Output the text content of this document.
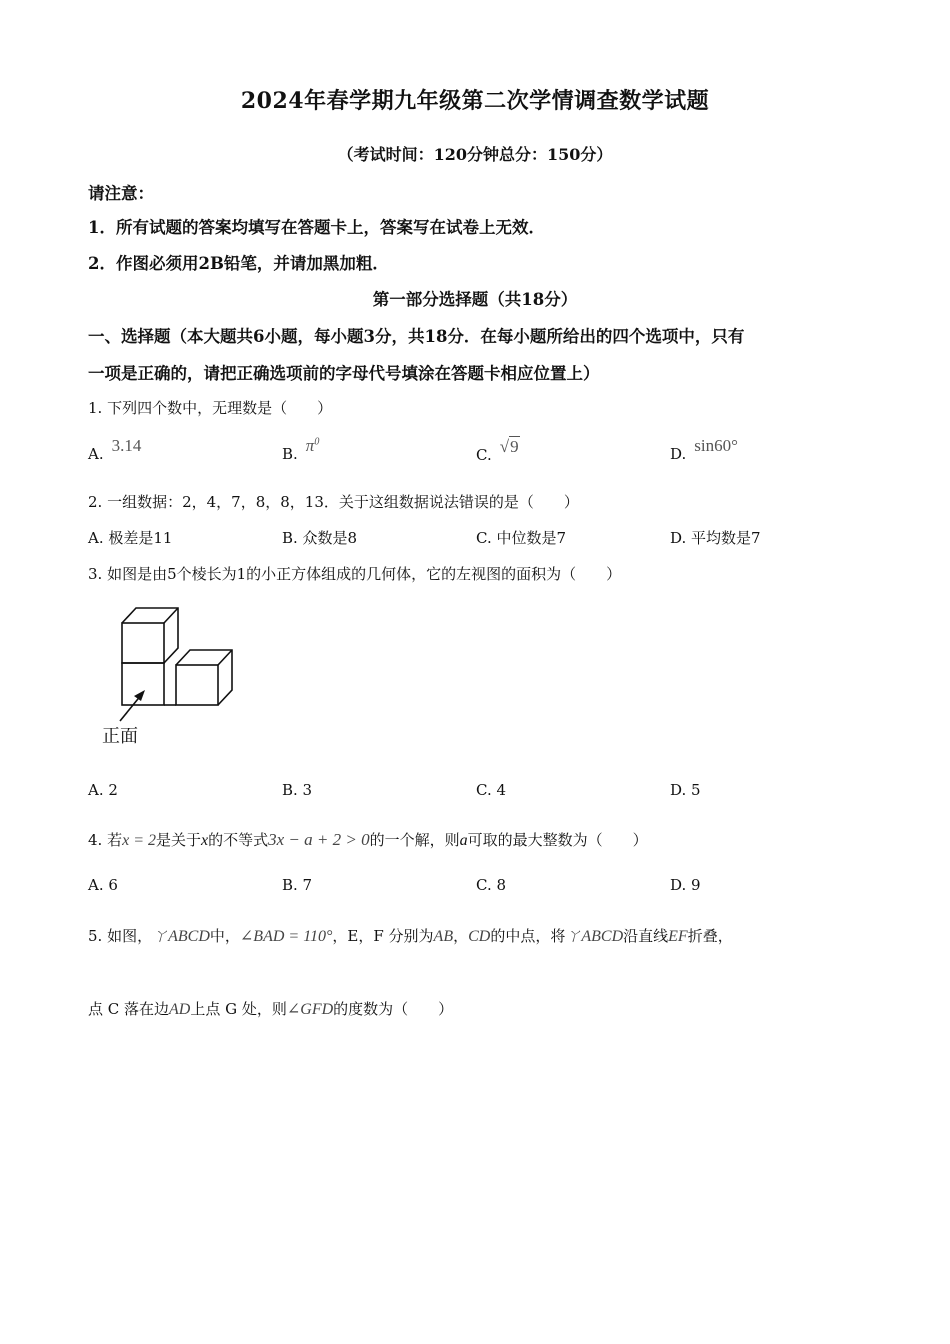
2024年春学期九年级第二次学情调查数学试题
（考试时间：120分钟总分：150分）
请注意：
1．所有试题的答案均填写在答题卡上，答案写在试卷上无效．
2．作图必须用2B铅笔，并请加黑加粗．
第一部分选择题（共18分）
一、选择题（本大题共6小题，每小题3分，共18分．在每小题所给出的四个选项中，只有
一项是正确的，请把正确选项前的字母代号填涂在答题卡相应位置上）
1. 下列四个数中，无理数是（　　）
A. 3.14	B. $\pi^0$
C. √9	D. sin60°
2. 一组数据：2，4，7，8，8，13．关于这组数据说法错误的是（　　）
A. 极差是11	B. 众数是8	C. 中位数是7	D. 平均数是7
3. 如图是由5个棱长为1的小正方体组成的几何体，它的左视图的面积为（　　）
正面
A. 2	B. 3	C. 4	D. 5
4. 若x = 2是关于x的不等式3x − a + 2 > 0的一个解，则a可取的最大整数为（　　）
A. 6	B. 7	C. 8	D. 9
5. 如图，ㄚABCD中，∠BAD = 110°，E，F 分别为AB，CD的中点，将ㄚABCD沿直线EF折叠，
点 C 落在边AD上点 G 处，则∠GFD的度数为（　　）
